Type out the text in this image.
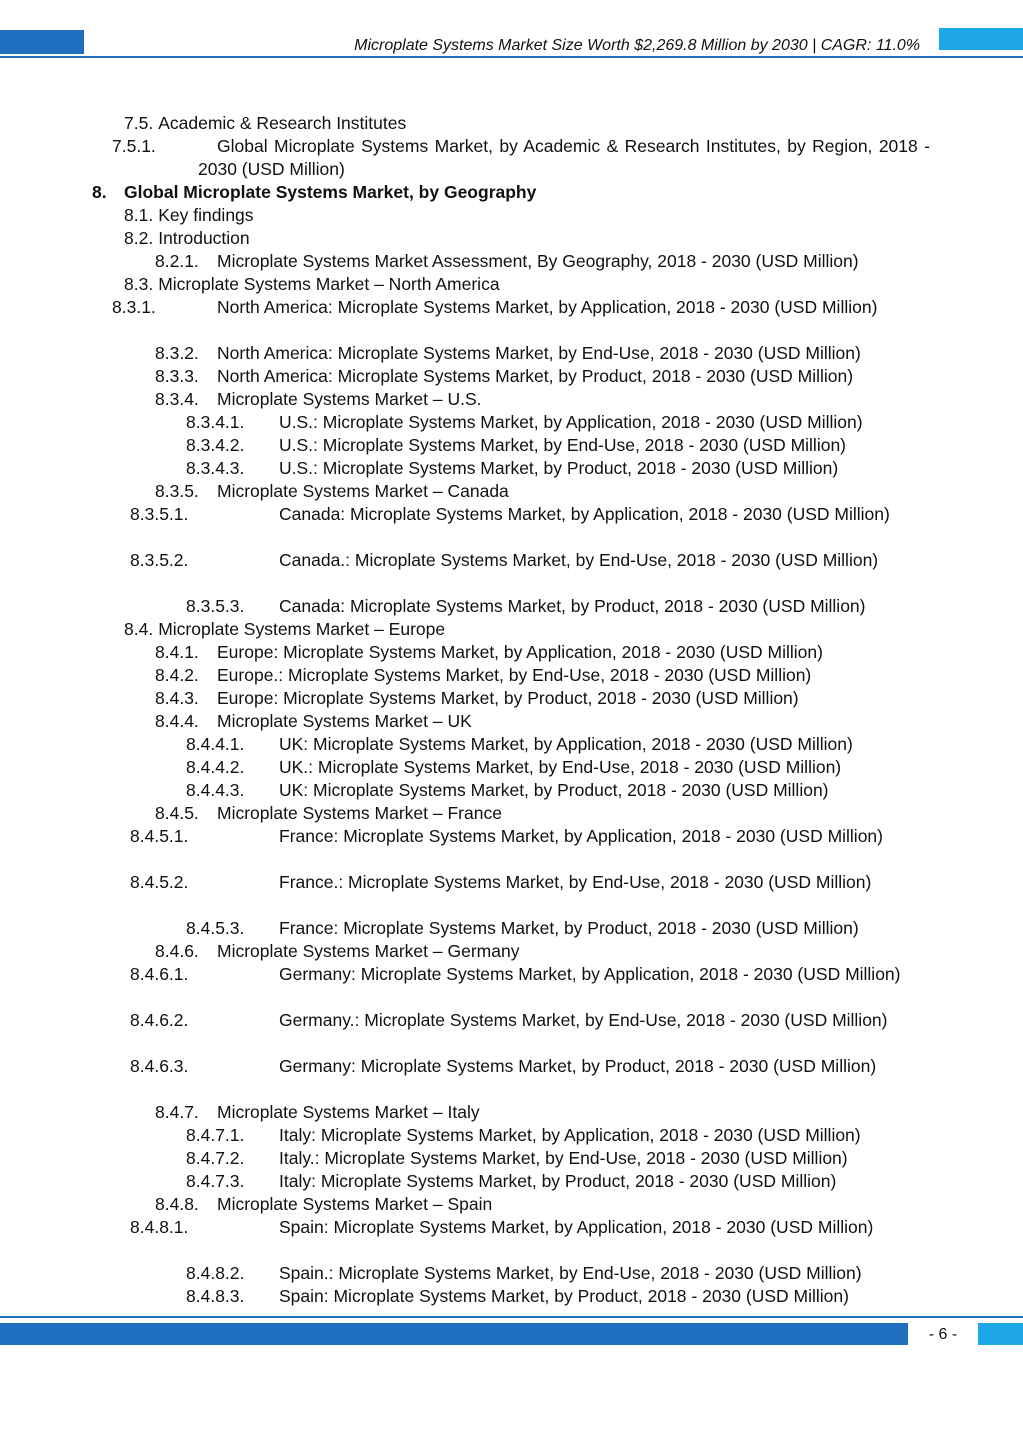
Microplate Systems Market Size Worth $2,269.8 Million by 2030 | CAGR: 11.0%
7.5. Academic & Research Institutes
7.5.1.	Global Microplate Systems Market, by Academic & Research Institutes, by Region, 2018 - 2030 (USD Million)
8. Global Microplate Systems Market, by Geography
8.1. Key findings
8.2. Introduction
8.2.1. Microplate Systems Market Assessment, By Geography, 2018 - 2030 (USD Million)
8.3. Microplate Systems Market – North America
8.3.1.	North America: Microplate Systems Market, by Application, 2018 - 2030 (USD Million)
8.3.2. North America: Microplate Systems Market, by End-Use, 2018 - 2030 (USD Million)
8.3.3. North America: Microplate Systems Market, by Product, 2018 - 2030 (USD Million)
8.3.4. Microplate Systems Market – U.S.
8.3.4.1. U.S.: Microplate Systems Market, by Application, 2018 - 2030 (USD Million)
8.3.4.2. U.S.: Microplate Systems Market, by End-Use, 2018 - 2030 (USD Million)
8.3.4.3. U.S.: Microplate Systems Market, by Product, 2018 - 2030 (USD Million)
8.3.5. Microplate Systems Market – Canada
8.3.5.1.	Canada: Microplate Systems Market, by Application, 2018 - 2030 (USD Million)
8.3.5.2.	Canada.: Microplate Systems Market, by End-Use, 2018 - 2030 (USD Million)
8.3.5.3. Canada: Microplate Systems Market, by Product, 2018 - 2030 (USD Million)
8.4. Microplate Systems Market – Europe
8.4.1. Europe: Microplate Systems Market, by Application, 2018 - 2030 (USD Million)
8.4.2. Europe.: Microplate Systems Market, by End-Use, 2018 - 2030 (USD Million)
8.4.3. Europe: Microplate Systems Market, by Product, 2018 - 2030 (USD Million)
8.4.4. Microplate Systems Market – UK
8.4.4.1. UK: Microplate Systems Market, by Application, 2018 - 2030 (USD Million)
8.4.4.2. UK.: Microplate Systems Market, by End-Use, 2018 - 2030 (USD Million)
8.4.4.3. UK: Microplate Systems Market, by Product, 2018 - 2030 (USD Million)
8.4.5. Microplate Systems Market – France
8.4.5.1.	France: Microplate Systems Market, by Application, 2018 - 2030 (USD Million)
8.4.5.2.	France.: Microplate Systems Market, by End-Use, 2018 - 2030 (USD Million)
8.4.5.3. France: Microplate Systems Market, by Product, 2018 - 2030 (USD Million)
8.4.6. Microplate Systems Market – Germany
8.4.6.1.	Germany: Microplate Systems Market, by Application, 2018 - 2030 (USD Million)
8.4.6.2.	Germany.: Microplate Systems Market, by End-Use, 2018 - 2030 (USD Million)
8.4.6.3.	Germany: Microplate Systems Market, by Product, 2018 - 2030 (USD Million)
8.4.7. Microplate Systems Market – Italy
8.4.7.1. Italy: Microplate Systems Market, by Application, 2018 - 2030 (USD Million)
8.4.7.2. Italy.: Microplate Systems Market, by End-Use, 2018 - 2030 (USD Million)
8.4.7.3. Italy: Microplate Systems Market, by Product, 2018 - 2030 (USD Million)
8.4.8. Microplate Systems Market – Spain
8.4.8.1.	Spain: Microplate Systems Market, by Application, 2018 - 2030 (USD Million)
8.4.8.2. Spain.: Microplate Systems Market, by End-Use, 2018 - 2030 (USD Million)
8.4.8.3. Spain: Microplate Systems Market, by Product, 2018 - 2030 (USD Million)
- 6 -
